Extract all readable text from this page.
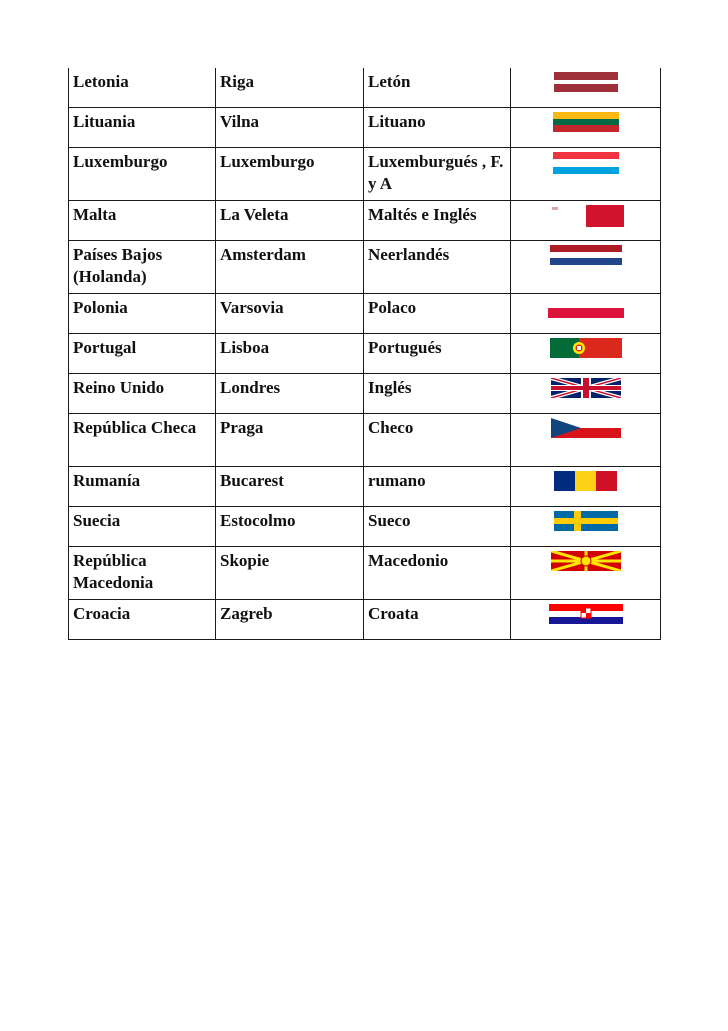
Letonia	Riga	Letón	

Lituania	Vilna	Lituano	

Luxemburgo	Luxemburgo	Luxemburgués , F. y A	

Malta	La Veleta	Maltés e Inglés	

Países Bajos (Holanda)	Amsterdam	Neerlandés	

Polonia	Varsovia	Polaco	

Portugal	Lisboa	Portugués	

Reino Unido	Londres	Inglés	

República Checa	Praga	Checo	

Rumanía	Bucarest	rumano	

Suecia	Estocolmo	Sueco	

República Macedonia	Skopie	Macedonio	

Croacia	Zagreb	Croata	
